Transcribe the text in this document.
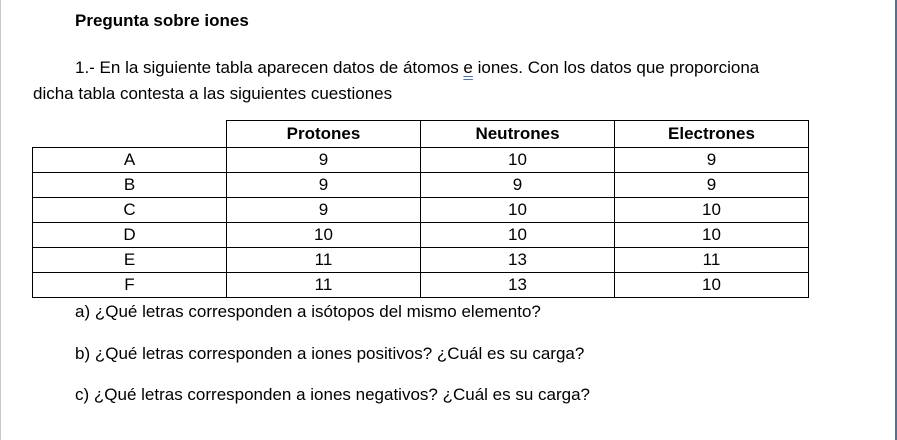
Pregunta sobre iones
1.- En la siguiente tabla aparecen datos de átomos e iones. Con los datos que proporciona
dicha tabla contesta a las siguientes cuestiones
	Protones	Neutrones	Electrones
A	9	10	9
B	9	9	9
C	9	10	10
D	10	10	10
E	11	13	11
F	11	13	10
a) ¿Qué letras corresponden a isótopos del mismo elemento?
b) ¿Qué letras corresponden a iones positivos? ¿Cuál es su carga?
c) ¿Qué letras corresponden a iones negativos? ¿Cuál es su carga?
